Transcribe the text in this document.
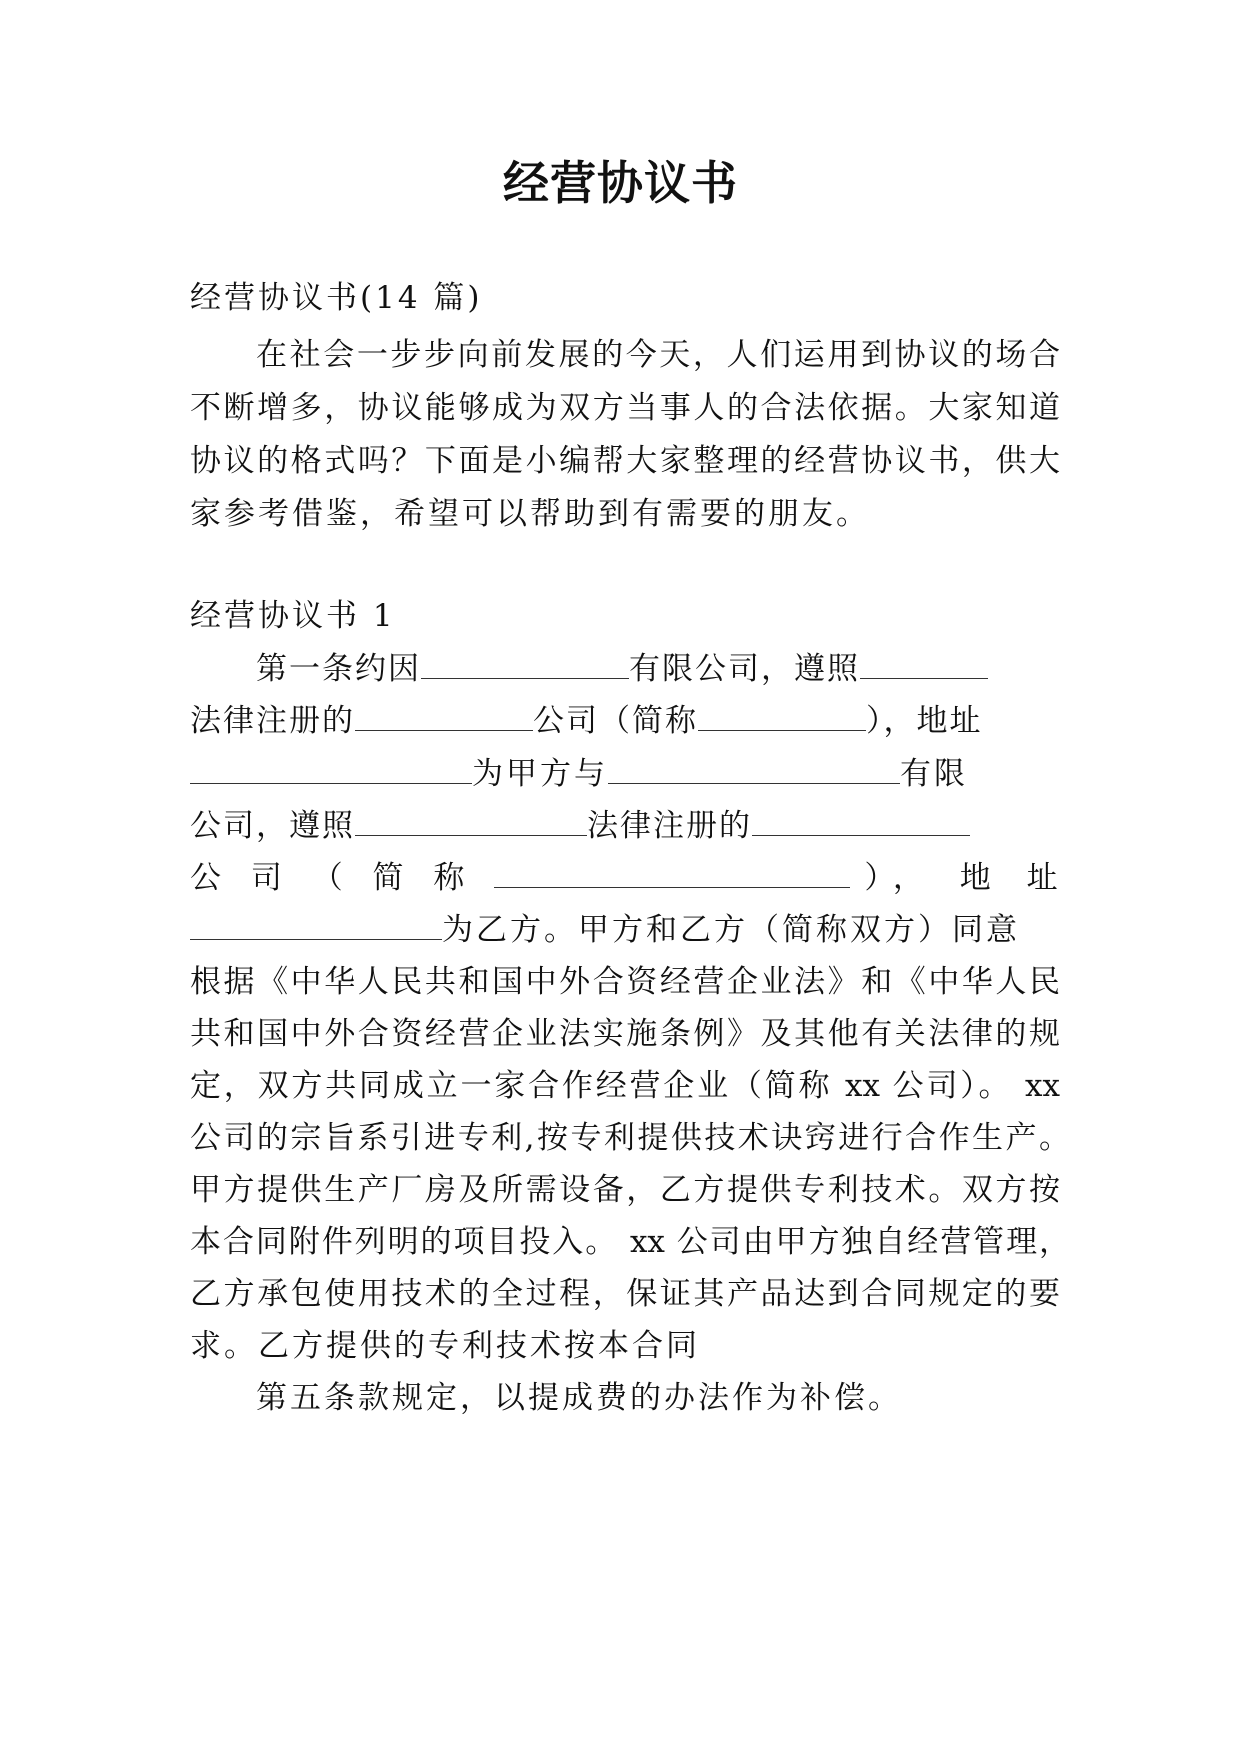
经营协议书
经营协议书(14 篇)
在社会一步步向前发展的今天，人们运用到协议的场合
不断增多，协议能够成为双方当事人的合法依据。大家知道
协议的格式吗？下面是小编帮大家整理的经营协议书，供大
家参考借鉴，希望可以帮助到有需要的朋友。
经营协议书 1
第一条约因	有限公司，遵照
法律注册的	公司（简称	），地址
为甲方与	有限
公司，遵照	法律注册的
公 司 （ 简 称	）， 地 址
为乙方。甲方和乙方（简称双方）同意
根据《中华人民共和国中外合资经营企业法》和《中华人民
共和国中外合资经营企业法实施条例》及其他有关法律的规
定，双方共同成立一家合作经营企业（简称 xx 公司）。 xx
公司的宗旨系引进专利,按专利提供技术诀窍进行合作生产。
甲方提供生产厂房及所需设备，乙方提供专利技术。双方按
本合同附件列明的项目投入。 xx 公司由甲方独自经营管理，
乙方承包使用技术的全过程，保证其产品达到合同规定的要
求。乙方提供的专利技术按本合同
第五条款规定，以提成费的办法作为补偿。
